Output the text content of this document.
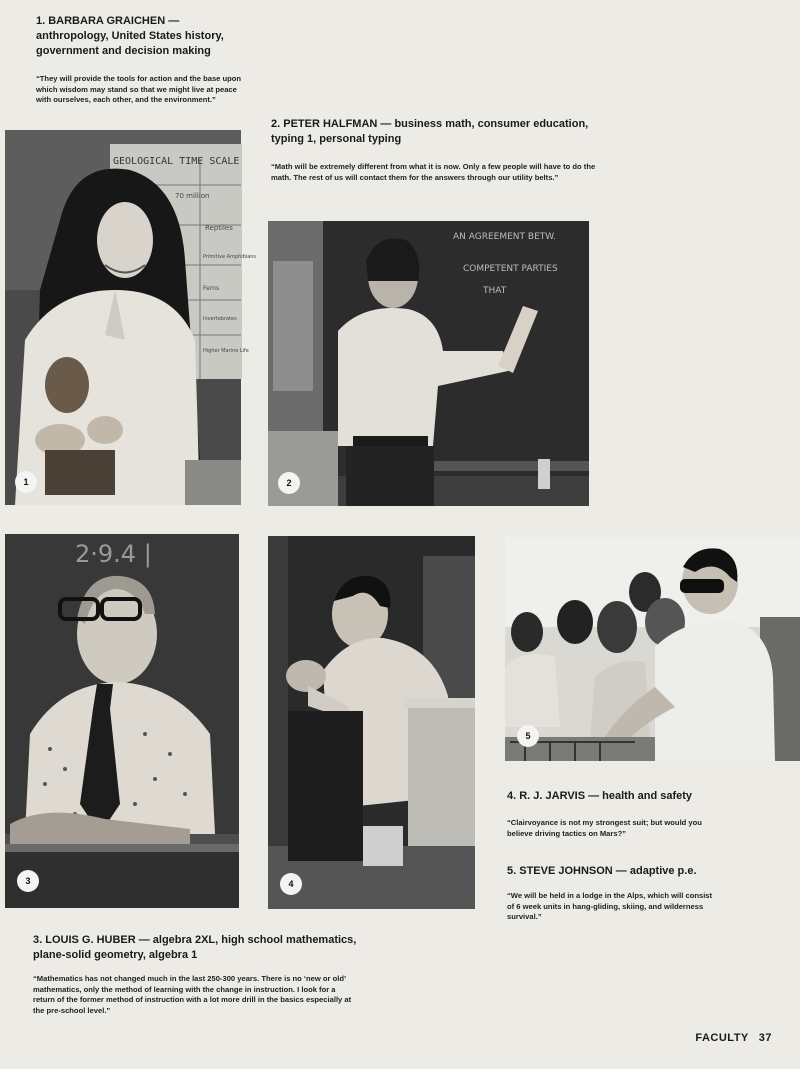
1. BARBARA GRAICHEN — anthropology, United States history, government and decision making

“They will provide the tools for action and the base upon which wisdom may stand so that we might live at peace with ourselves, each other, and the environment.”

2. PETER HALFMAN — business math, consumer education, typing 1, personal typing

“Math will be extremely different from what it is now. Only a few people will have to do the math. The rest of us will contact them for the answers through our utility belts.”

GEOLOGICAL TIME SCALE
70 million
Reptiles
Primitive Amphibians
Ferns
Invertebrates
Higher Marine Life
1
AN AGREEMENT BETW.
COMPETENT PARTIES
THAT
2
2·9.4 |
3	4
5

4. R. J. JARVIS — health and safety

“Clairvoyance is not my strongest suit; but would you believe driving tactics on Mars?”

5. STEVE JOHNSON — adaptive p.e.

“We will be held in a lodge in the Alps, which will consist of 6 week units in hang-gliding, skiing, and wilderness survival.”

3. LOUIS G. HUBER — algebra 2XL, high school mathematics, plane-solid geometry, algebra 1

“Mathematics has not changed much in the last 250-300 years. There is no ‘new or old’ mathematics, only the method of learning with the change in instruction. I look for a return of the former method of instruction with a lot more drill in the basics especially at the pre-school level.”

FACULTY 37
